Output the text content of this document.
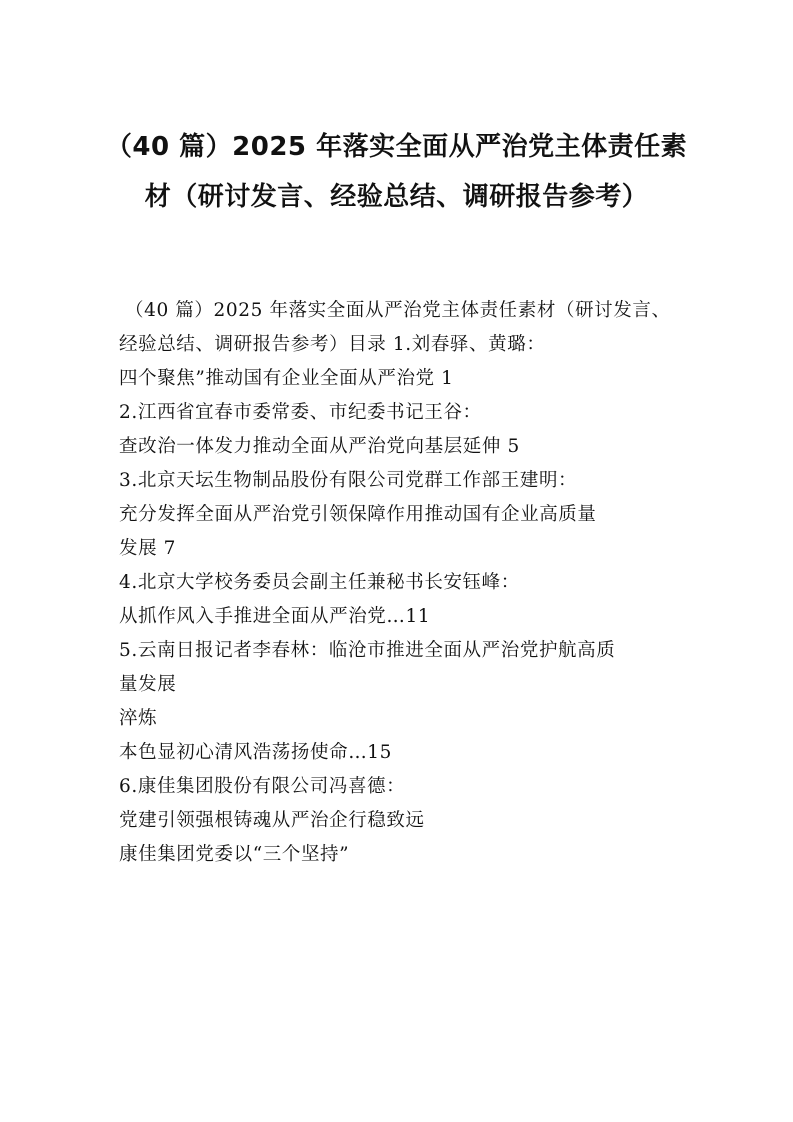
（40 篇）2025 年落实全面从严治党主体责任素材（研讨发言、经验总结、调研报告参考）

（40 篇）2025 年落实全面从严治党主体责任素材（研讨发言、经验总结、调研报告参考）目录 1.刘春驿、黄璐：

四个聚焦”推动国有企业全面从严治党 1

2.江西省宜春市委常委、市纪委书记王谷：

查改治一体发力推动全面从严治党向基层延伸 5

3.北京天坛生物制品股份有限公司党群工作部王建明：

充分发挥全面从严治党引领保障作用推动国有企业高质量

发展 7

4.北京大学校务委员会副主任兼秘书长安钰峰：

从抓作风入手推进全面从严治党…11

5.云南日报记者李春林：临沧市推进全面从严治党护航高质

量发展

淬炼

本色显初心清风浩荡扬使命…15

6.康佳集团股份有限公司冯喜德：

党建引领强根铸魂从严治企行稳致远

康佳集团党委以“三个坚持”
